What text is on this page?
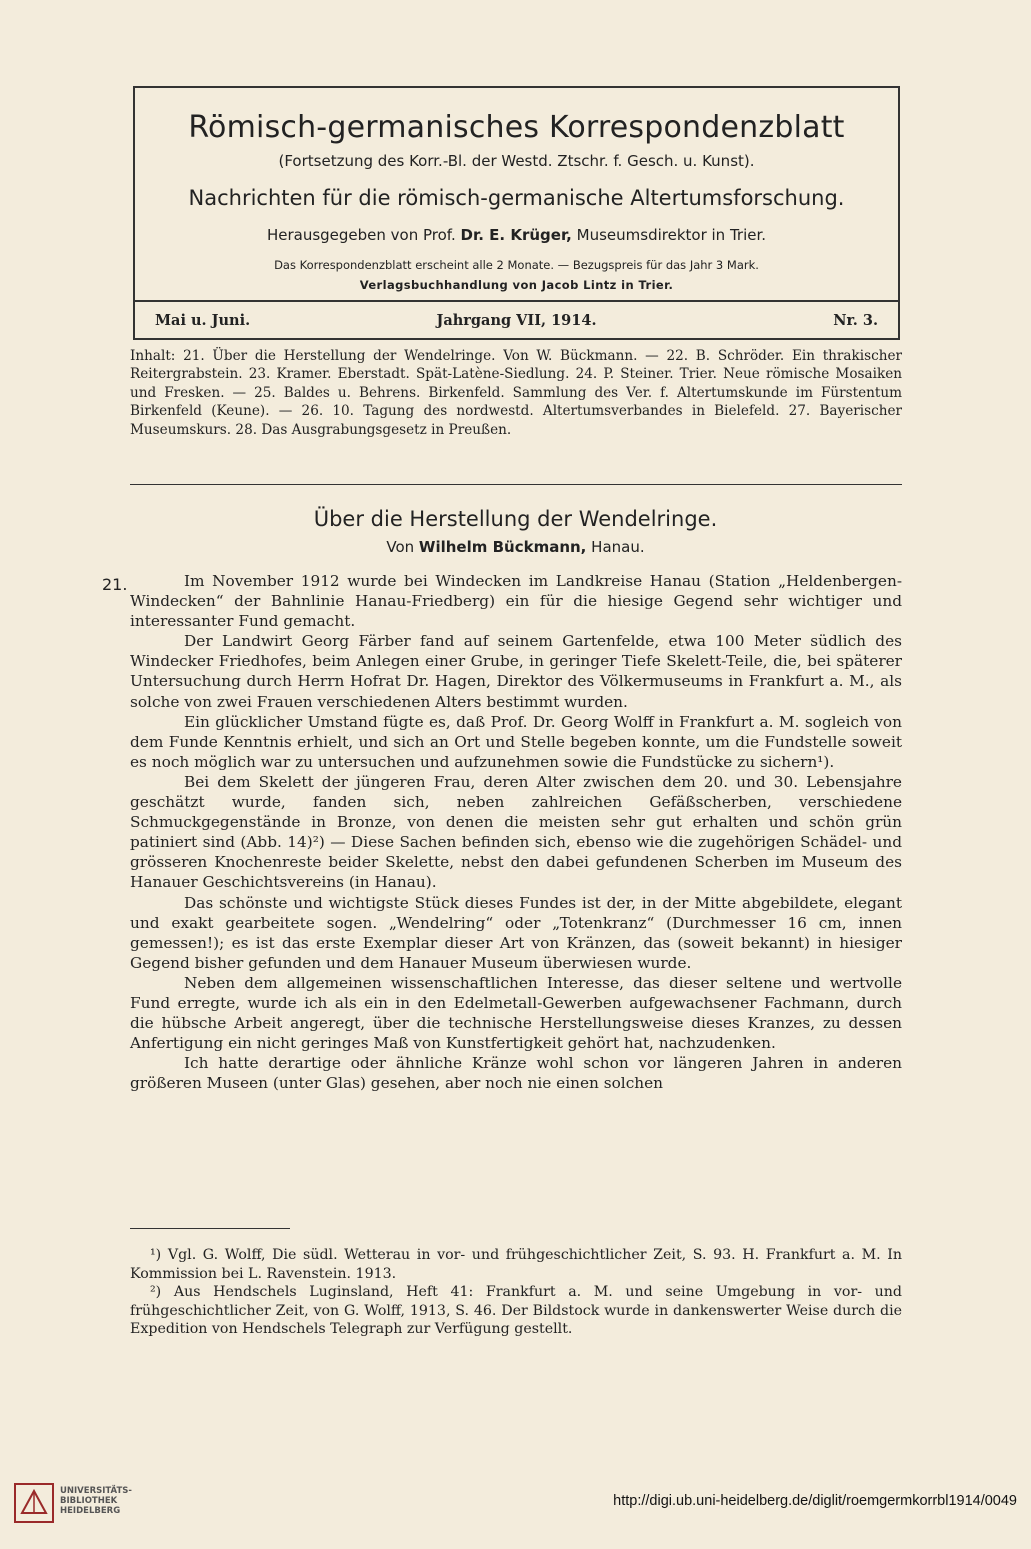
Römisch-germanisches Korrespondenzblatt
(Fortsetzung des Korr.-Bl. der Westd. Ztschr. f. Gesch. u. Kunst).
Nachrichten für die römisch-germanische Altertumsforschung.
Herausgegeben von Prof. Dr. E. Krüger, Museumsdirektor in Trier.
Das Korrespondenzblatt erscheint alle 2 Monate. — Bezugspreis für das Jahr 3 Mark.
Verlagsbuchhandlung von Jacob Lintz in Trier.
Mai u. Juni.	Jahrgang VII, 1914.	Nr. 3.

Inhalt: 21. Über die Herstellung der Wendelringe. Von W. Bückmann. — 22. B. Schröder. Ein thrakischer Reitergrabstein. 23. Kramer. Eberstadt. Spät-Latène-Siedlung. 24. P. Steiner. Trier. Neue römische Mosaiken und Fresken. — 25. Baldes u. Behrens. Birkenfeld. Sammlung des Ver. f. Altertumskunde im Fürstentum Birkenfeld (Keune). — 26. 10. Tagung des nordwestd. Altertumsverbandes in Bielefeld. 27. Bayerischer Museumskurs. 28. Das Ausgrabungsgesetz in Preußen.

Über die Herstellung der Wendelringe.
Von Wilhelm Bückmann, Hanau.
21.	Im November 1912 wurde bei Windecken im Landkreise Hanau (Station „Heldenbergen-Windecken“ der Bahnlinie Hanau-Friedberg) ein für die hiesige Gegend sehr wichtiger und interessanter Fund gemacht.

Der Landwirt Georg Färber fand auf seinem Gartenfelde, etwa 100 Meter südlich des Windecker Friedhofes, beim Anlegen einer Grube, in geringer Tiefe Skelett-Teile, die, bei späterer Untersuchung durch Herrn Hofrat Dr. Hagen, Direktor des Völkermuseums in Frankfurt a. M., als solche von zwei Frauen verschiedenen Alters bestimmt wurden.

Ein glücklicher Umstand fügte es, daß Prof. Dr. Georg Wolff in Frankfurt a. M. sogleich von dem Funde Kenntnis erhielt, und sich an Ort und Stelle begeben konnte, um die Fundstelle soweit es noch möglich war zu untersuchen und aufzunehmen sowie die Fundstücke zu sichern¹).

Bei dem Skelett der jüngeren Frau, deren Alter zwischen dem 20. und 30. Lebensjahre geschätzt wurde, fanden sich, neben zahlreichen Gefäßscherben, verschiedene Schmuckgegenstände in Bronze, von denen die meisten sehr gut erhalten und schön grün patiniert sind (Abb. 14)²) — Diese Sachen befinden sich, ebenso wie die zugehörigen Schädel- und grösseren Knochenreste beider Skelette, nebst den dabei gefundenen Scherben im Museum des Hanauer Geschichtsvereins (in Hanau).

Das schönste und wichtigste Stück dieses Fundes ist der, in der Mitte abgebildete, elegant und exakt gearbeitete sogen. „Wendelring“ oder „Totenkranz“ (Durchmesser 16 cm, innen gemessen!); es ist das erste Exemplar dieser Art von Kränzen, das (soweit bekannt) in hiesiger Gegend bisher gefunden und dem Hanauer Museum überwiesen wurde.

Neben dem allgemeinen wissenschaftlichen Interesse, das dieser seltene und wertvolle Fund erregte, wurde ich als ein in den Edelmetall-Gewerben aufgewachsener Fachmann, durch die hübsche Arbeit angeregt, über die technische Herstellungsweise dieses Kranzes, zu dessen Anfertigung ein nicht geringes Maß von Kunstfertigkeit gehört hat, nachzudenken.

Ich hatte derartige oder ähnliche Kränze wohl schon vor längeren Jahren in anderen größeren Museen (unter Glas) gesehen, aber noch nie einen solchen

¹) Vgl. G. Wolff, Die südl. Wetterau in vor- und frühgeschichtlicher Zeit, S. 93. H. Frankfurt a. M. In Kommission bei L. Ravenstein. 1913.

²) Aus Hendschels Luginsland, Heft 41: Frankfurt a. M. und seine Umgebung in vor- und frühgeschichtlicher Zeit, von G. Wolff, 1913, S. 46. Der Bildstock wurde in dankenswerter Weise durch die Expedition von Hendschels Telegraph zur Verfügung gestellt.

UNIVERSITÄTS-
BIBLIOTHEK
HEIDELBERG
http://digi.ub.uni-heidelberg.de/diglit/roemgermkorrbl1914/0049
